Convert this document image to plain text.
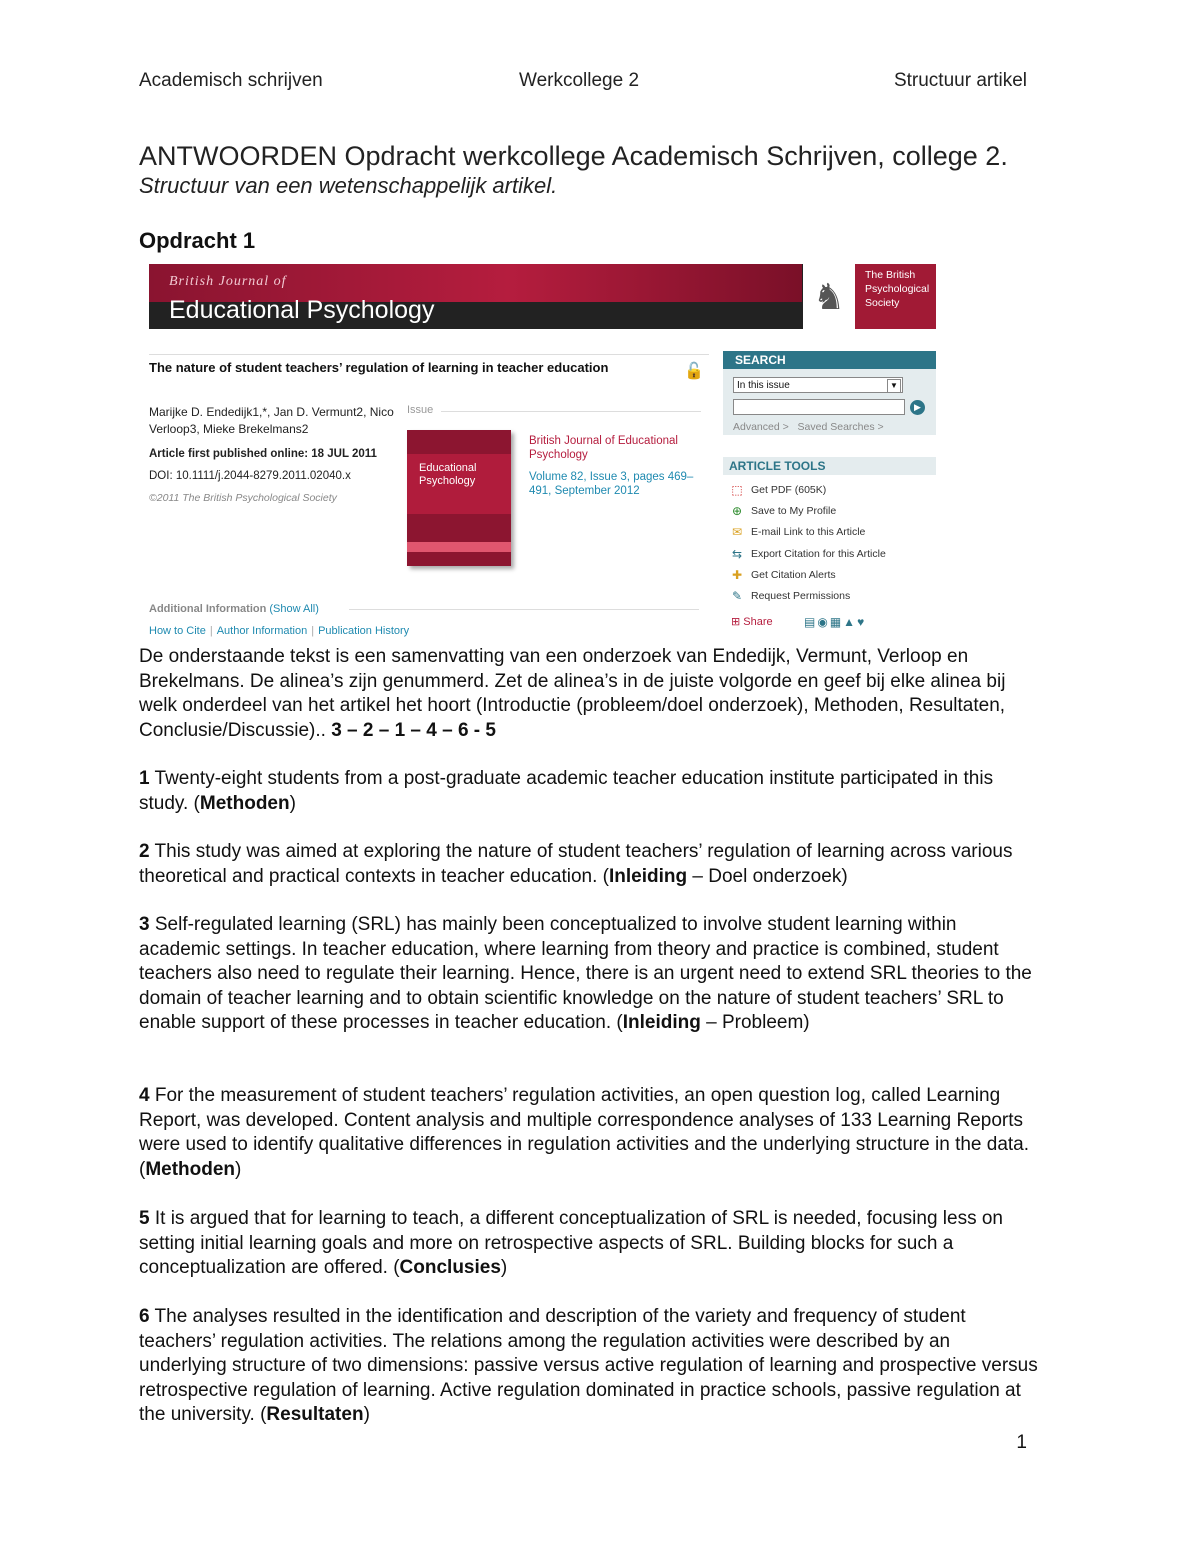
Academisch schrijven	Werkcollege 2	Structuur artikel
ANTWOORDEN Opdracht werkcollege Academisch Schrijven, college 2.
Structuur van een wetenschappelijk artikel.
Opdracht 1
British Journal of
Educational Psychology	♞
The British Psychological Society
The nature of student teachers’ regulation of learning in teacher education	🔓
Marijke D. Endedijk1,*, Jan D. Vermunt2, Nico Verloop3, Mieke Brekelmans2
Article first published online: 18 JUL 2011
DOI: 10.1111/j.2044-8279.2011.02040.x
©2011 The British Psychological Society
Issue
Educational Psychology
British Journal of Educational Psychology
Volume 82, Issue 3, pages 469–491, September 2012
Additional Information (Show All)
How to Cite | Author Information | Publication History
SEARCH
In this issue	▼
▶
Advanced > Saved Searches >
ARTICLE TOOLS
⬚ Get PDF (605K)
⊕ Save to My Profile
✉ E-mail Link to this Article
⇆ Export Citation for this Article
✚ Get Citation Alerts
✎ Request Permissions
⊞ Share	▤◉▦▲♥
De onderstaande tekst is een samenvatting van een onderzoek van Endedijk, Vermunt, Verloop en Brekelmans. De alinea’s zijn genummerd. Zet de alinea’s in de juiste volgorde en geef bij elke alinea bij welk onderdeel van het artikel het hoort (Introductie (probleem/doel onderzoek), Methoden, Resultaten, Conclusie/Discussie).. 3 – 2 – 1 – 4 – 6 - 5
1 Twenty-eight students from a post-graduate academic teacher education institute participated in this study. (Methoden)
2 This study was aimed at exploring the nature of student teachers’ regulation of learning across various theoretical and practical contexts in teacher education. (Inleiding – Doel onderzoek)
3 Self-regulated learning (SRL) has mainly been conceptualized to involve student learning within academic settings. In teacher education, where learning from theory and practice is combined, student teachers also need to regulate their learning. Hence, there is an urgent need to extend SRL theories to the domain of teacher learning and to obtain scientific knowledge on the nature of student teachers’ SRL to enable support of these processes in teacher education. (Inleiding – Probleem)
4 For the measurement of student teachers’ regulation activities, an open question log, called Learning Report, was developed. Content analysis and multiple correspondence analyses of 133 Learning Reports were used to identify qualitative differences in regulation activities and the underlying structure in the data.(Methoden)
5 It is argued that for learning to teach, a different conceptualization of SRL is needed, focusing less on setting initial learning goals and more on retrospective aspects of SRL. Building blocks for such a conceptualization are offered. (Conclusies)
6 The analyses resulted in the identification and description of the variety and frequency of student teachers’ regulation activities. The relations among the regulation activities were described by an underlying structure of two dimensions: passive versus active regulation of learning and prospective versus retrospective regulation of learning. Active regulation dominated in practice schools, passive regulation at the university. (Resultaten)
1
